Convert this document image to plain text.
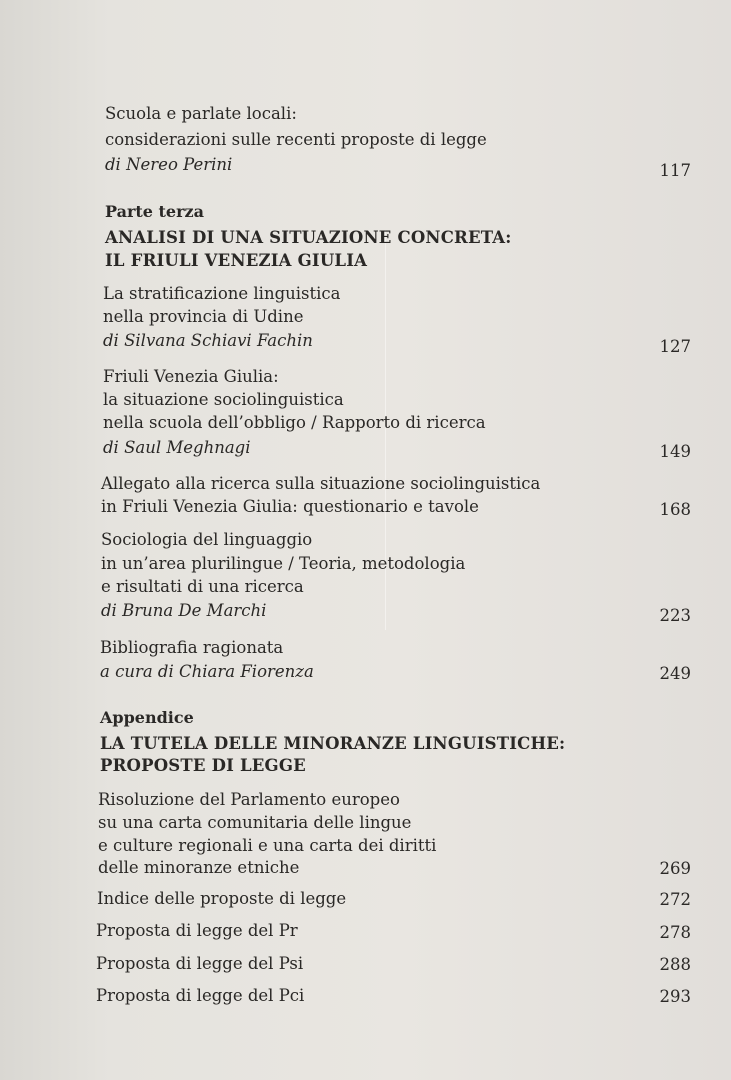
Scuola e parlate locali:
considerazioni sulle recenti proposte di legge
di Nereo Perini	117
Parte terza
ANALISI DI UNA SITUAZIONE CONCRETA:
IL FRIULI VENEZIA GIULIA
La stratificazione linguistica
nella provincia di Udine
di Silvana Schiavi Fachin	127
Friuli Venezia Giulia:
la situazione sociolinguistica
nella scuola dell’obbligo / Rapporto di ricerca
di Saul Meghnagi	149
Allegato alla ricerca sulla situazione sociolinguistica
in Friuli Venezia Giulia: questionario e tavole	168
Sociologia del linguaggio
in un’area plurilingue / Teoria, metodologia
e risultati di una ricerca
di Bruna De Marchi	223
Bibliografia ragionata
a cura di Chiara Fiorenza	249
Appendice
LA TUTELA DELLE MINORANZE LINGUISTICHE:
PROPOSTE DI LEGGE
Risoluzione del Parlamento europeo
su una carta comunitaria delle lingue
e culture regionali e una carta dei diritti
delle minoranze etniche	269
Indice delle proposte di legge	272
Proposta di legge del Pr	278
Proposta di legge del Psi	288
Proposta di legge del Pci	293
